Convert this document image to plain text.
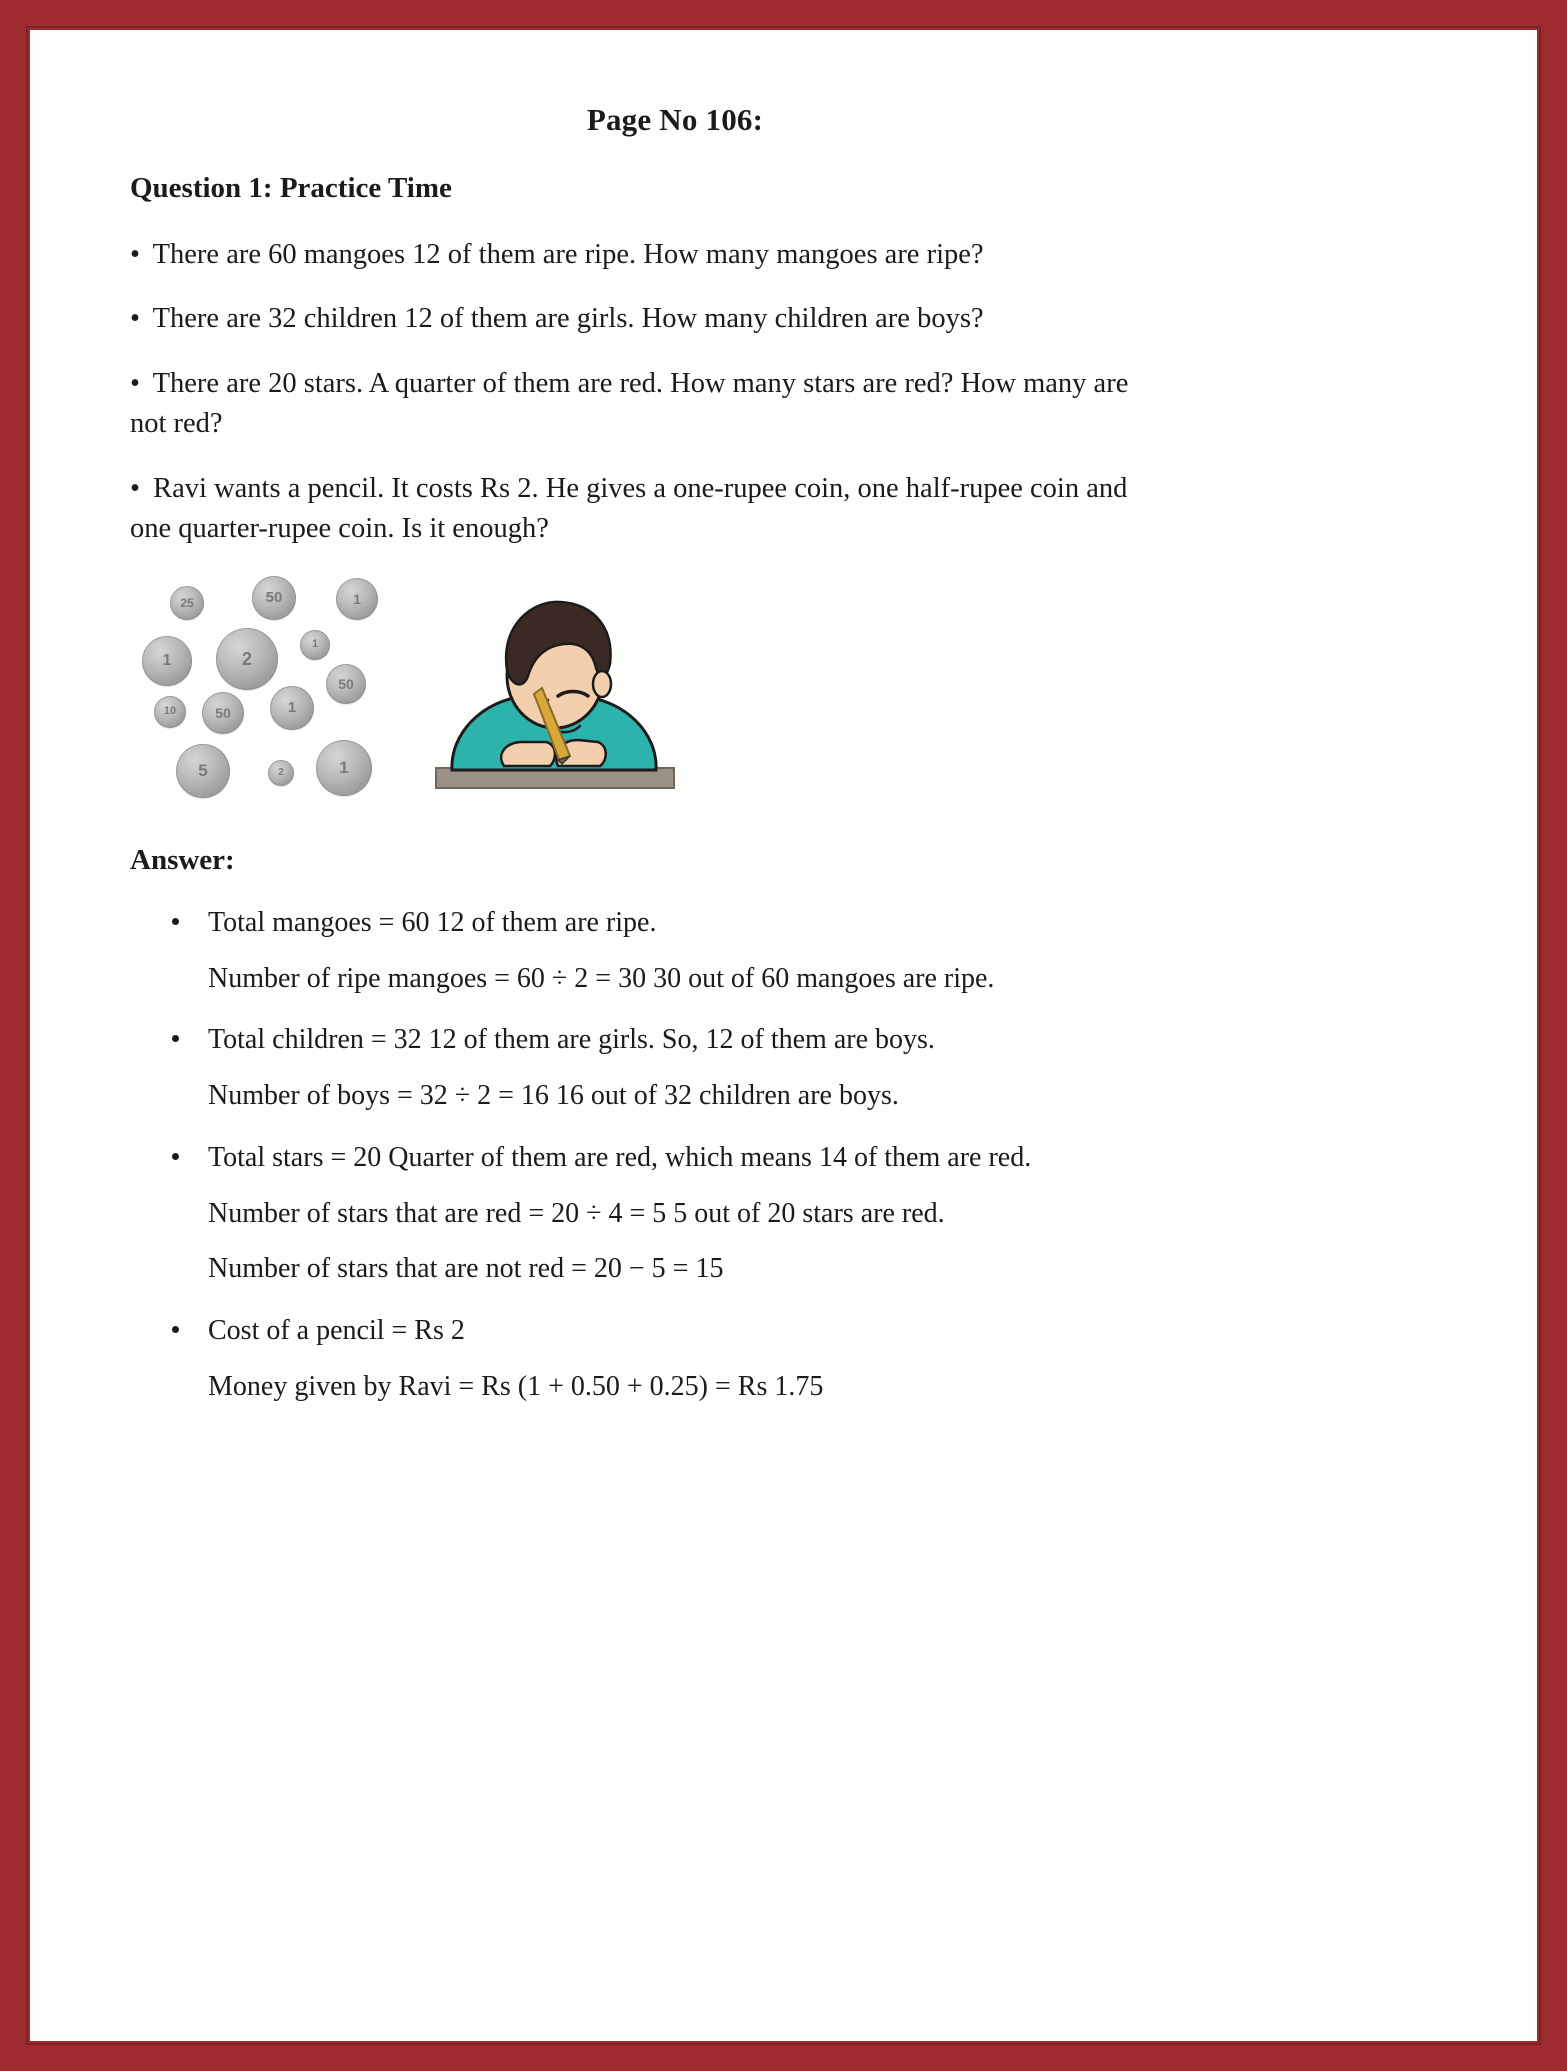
Page No 106:
Question 1: Practice Time

• There are 60 mangoes 12 of them are ripe. How many mangoes are ripe?

• There are 32 children 12 of them are girls. How many children are boys?

• There are 20 stars. A quarter of them are red. How many stars are red? How many are not red?

• Ravi wants a pencil. It costs Rs 2. He gives a one-rupee coin, one half-rupee coin and one quarter-rupee coin. Is it enough?

25	50	1
1	2
1
50
10	50	1
5	2	1
Answer:

Total mangoes = 60 12 of them are ripe.

Number of ripe mangoes = 60 ÷ 2 = 30 30 out of 60 mangoes are ripe.

Total children = 32 12 of them are girls. So, 12 of them are boys.

Number of boys = 32 ÷ 2 = 16 16 out of 32 children are boys.

Total stars = 20 Quarter of them are red, which means 14 of them are red.

Number of stars that are red = 20 ÷ 4 = 5 5 out of 20 stars are red.

Number of stars that are not red = 20 − 5 = 15

Cost of a pencil = Rs 2

Money given by Ravi = Rs (1 + 0.50 + 0.25) = Rs 1.75
